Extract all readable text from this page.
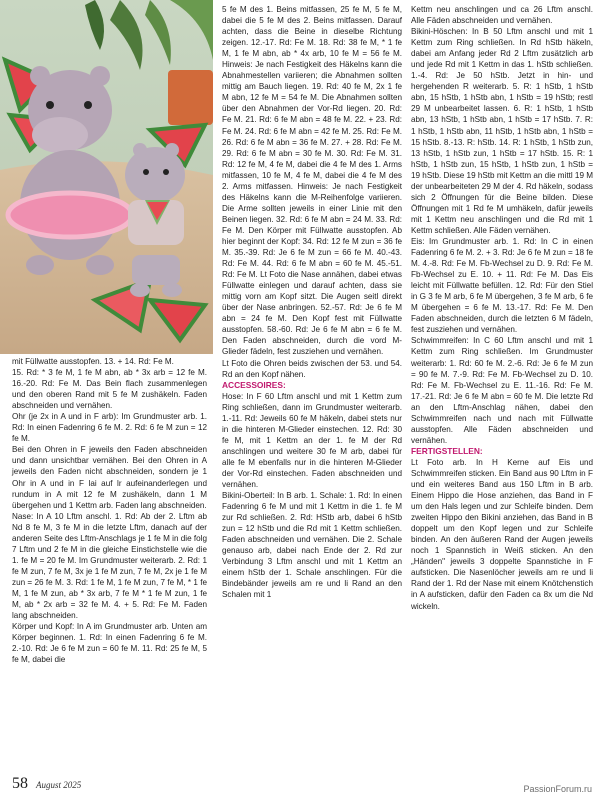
mit Füllwatte ausstopfen. 13. + 14. Rd: Fe M.

15. Rd: * 3 fe M, 1 fe M abn, ab * 3x arb = 12 fe M. 16.-20. Rd: Fe M. Das Bein flach zusammenlegen und den oberen Rand mit 5 fe M zushäkeln. Faden abschneiden und vernähen.

Ohr (je 2x in A und in F arb): Im Grundmuster arb. 1. Rd: In einen Fadenring 6 fe M. 2. Rd: 6 fe M zun = 12 fe M.

Bei den Ohren in F jeweils den Faden abschneiden und dann unsichtbar vernähen. Bei den Ohren in A jeweils den Faden nicht abschneiden, sondern je 1 Ohr in A und in F lai auf lr aufeinanderlegen und rundum in A mit 12 fe M zushäkeln, dann 1 M übergehen und 1 Kettm arb. Faden lang abschneiden.

Nase: In A 10 Lftm anschl. 1. Rd: Ab der 2. Lftm ab Nd 8 fe M, 3 fe M in die letzte Lftm, danach auf der anderen Seite des Lftm-Anschlags je 1 fe M in die folg 7 Lftm und 2 fe M in die gleiche Einstichstelle wie die 1. fe M = 20 fe M. Im Grundmuster weiterarb. 2. Rd: 1 fe M zun, 7 fe M, 3x je 1 fe M zun, 7 fe M, 2x je 1 fe M zun = 26 fe M. 3. Rd: 1 fe M, 1 fe M zun, 7 fe M, * 1 fe M, 1 fe M zun, ab * 3x arb, 7 fe M * 1 fe M zun, 1 fe M, ab * 2x arb = 32 fe M. 4. + 5. Rd: Fe M. Faden lang abschneiden.

Körper und Kopf: In A im Grundmuster arb. Unten am Körper beginnen. 1. Rd: In einen Fadenring 6 fe M. 2.-10. Rd: Je 6 fe M zun = 60 fe M. 11. Rd: 25 fe M, 5 fe M, dabei die

5 fe M des 1. Beins mitfassen, 25 fe M, 5 fe M, dabei die 5 fe M des 2. Beins mitfassen. Darauf achten, dass die Beine in dieselbe Richtung zeigen. 12.-17. Rd: Fe M. 18. Rd: 38 fe M, * 1 fe M, 1 fe M abn, ab * 4x arb, 10 fe M = 56 fe M. Hinweis: Je nach Festigkeit des Häkelns kann die Abnahmestellen variieren; die Abnahmen sollten mittig am Bauch liegen. 19. Rd: 40 fe M, 2x 1 fe M abn, 12 fe M = 54 fe M. Die Abnahmen sollten über den Abnahmen der Vor-Rd liegen. 20. Rd: Fe M. 21. Rd: 6 fe M abn = 48 fe M. 22. + 23. Rd: Fe M. 24. Rd: 6 fe M abn = 42 fe M. 25. Rd: Fe M. 26. Rd: 6 fe M abn = 36 fe M. 27. + 28. Rd: Fe M. 29. Rd: 6 fe M abn = 30 fe M. 30. Rd: Fe M. 31. Rd: 12 fe M, 4 fe M, dabei die 4 fe M des 1. Arms mitfassen, 10 fe M, 4 fe M, dabei die 4 fe M des 2. Arms mitfassen. Hinweis: Je nach Festigkeit des Häkelns kann die M-Reihenfolge variieren. Die Arme sollten jeweils in einer Linie mit den Beinen liegen. 32. Rd: 6 fe M abn = 24 M. 33. Rd: Fe M. Den Körper mit Füllwatte ausstopfen. Ab hier beginnt der Kopf: 34. Rd: 12 fe M zun = 36 fe M. 35.-39. Rd: Je 6 fe M zun = 66 fe M. 40.-43. Rd: Fe M. 44. Rd: 6 fe M abn = 60 fe M. 45.-51. Rd: Fe M. Lt Foto die Nase annähen, dabei etwas Füllwatte einlegen und darauf achten, dass sie mittig vorn am Kopf sitzt. Die Augen seitl direkt über der Nase anbringen. 52.-57. Rd: Je 6 fe M abn = 24 fe M. Den Kopf fest mit Füllwatte ausstopfen. 58.-60. Rd: Je 6 fe M abn = 6 fe M. Den Faden abschneiden, durch die vord M-Glieder fädeln, fest zusziehen und vernähen.

Lt Foto die Ohren beids zwischen der 53. und 54. Rd an den Kopf nähen.

ACCESSOIRES:

Hose: In F 60 Lftm anschl und mit 1 Kettm zum Ring schließen, dann im Grundmuster weiterarb. 1.-11. Rd: Jeweils 60 fe M häkeln, dabei stets nur in die hinteren M-Glieder einstechen. 12. Rd: 30 fe M, mit 1 Kettm an der 1. fe M der Rd anschlingen und weitere 30 fe M arb, dabei für alle fe M ebenfalls nur in die hinteren M-Glieder der Vor-Rd einstechen. Faden abschneiden und vernähen.

Bikini-Oberteil: In B arb. 1. Schale: 1. Rd: In einen Fadenring 6 fe M und mit 1 Kettm in die 1. fe M zur Rd schließen. 2. Rd: HStb arb, dabei 6 hStb zun = 12 hStb und die Rd mit 1 Kettm schließen. Faden abschneiden und vernähen. Die 2. Schale genauso arb, dabei nach Ende der 2. Rd zur Verbindung 3 Lftm anschl und mit 1 Kettm an einem hStb der 1. Schale anschlingen. Für die Bindebänder jeweils am re und li Rand an den Schalen mit 1

Kettm neu anschlingen und ca 26 Lftm anschl. Alle Fäden abschneiden und vernähen.

Bikini-Höschen: In B 50 Lftm anschl und mit 1 Kettm zum Ring schließen. In Rd hStb häkeln, dabei am Anfang jeder Rd 2 Lftm zusätzlich arb und jede Rd mit 1 Kettm in das 1. hStb schließen. 1.-4. Rd: Je 50 hStb. Jetzt in hin- und hergehenden R weiterarb. 5. R: 1 hStb, 1 hStb abn, 15 hStb, 1 hStb abn, 1 hStb = 19 hStb; restl 29 M unbearbeitet lassen. 6. R: 1 hStb, 1 hStb abn, 13 hStb, 1 hStb abn, 1 hStb = 17 hStb. 7. R: 1 hStb, 1 hStb abn, 11 hStb, 1 hStb abn, 1 hStb = 15 hStb. 8.-13. R: hStb. 14. R: 1 hStb, 1 hStb zun, 13 hStb, 1 hStb zun, 1 hStb = 17 hStb. 15. R: 1 hStb, 1 hStb zun, 15 hStb, 1 hStb zun, 1 hStb = 19 hStb. Diese 19 hStb mit Kettm an die mittl 19 M der unbearbeiteten 29 M der 4. Rd häkeln, sodass sich 2 Öffnungen für die Beine bilden. Diese Öffnungen mit 1 Rd fe M umhäkeln, dafür jeweils mit 1 Kettm neu anschlingen und die Rd mit 1 Kettm schließen. Alle Fäden vernähen.

Eis: Im Grundmuster arb. 1. Rd: In C in einen Fadenring 6 fe M. 2. + 3. Rd: Je 6 fe M zun = 18 fe M. 4.-8. Rd: Fe M. Fb-Wechsel zu D. 9. Rd: Fe M. Fb-Wechsel zu E. 10. + 11. Rd: Fe M. Das Eis leicht mit Füllwatte befüllen. 12. Rd: Für den Stiel in G 3 fe M arb, 6 fe M übergehen, 3 fe M arb, 6 fe M übergehen = 6 fe M. 13.-17. Rd: Fe M. Den Faden abschneiden, durch die letzten 6 M fädeln, fest zusziehen und vernähen.

Schwimmreifen: In C 60 Lftm anschl und mit 1 Kettm zum Ring schließen. Im Grundmuster weiterarb: 1. Rd: 60 fe M. 2.-6. Rd: Je 6 fe M zun = 90 fe M. 7.-9. Rd: Fe M. Fb-Wechsel zu D. 10. Rd: Fe M. Fb-Wechsel zu E. 11.-16. Rd: Fe M. 17.-21. Rd: Je 6 fe M abn = 60 fe M. Die letzte Rd an den Lftm-Anschlag nähen, dabei den Schwimmreifen nach und nach mit Füllwatte ausstopfen. Alle Fäden abschneiden und vernähen.

FERTIGSTELLEN:

Lt Foto arb. In H Kerne auf Eis und Schwimmreifen sticken. Ein Band aus 90 Lftm in F und ein weiteres Band aus 150 Lftm in B arb. Einem Hippo die Hose anziehen, das Band in F um den Hals legen und zur Schleife binden. Dem zweiten Hippo den Bikini anziehen, das Band in B doppelt um den Kopf legen und zur Schleife binden. An den äußeren Rand der Augen jeweils noch 1 Spannstich in Weiß sticken. An den „Händen" jeweils 3 doppelte Spannstiche in F aufsticken. Die Nasenlöcher jeweils am re und li Rand der 1. Rd der Nase mit einem Knötchenstich in A aufsticken, dafür den Faden ca 8x um die Nd wickeln.

58 August 2025	PassionForum.ru
